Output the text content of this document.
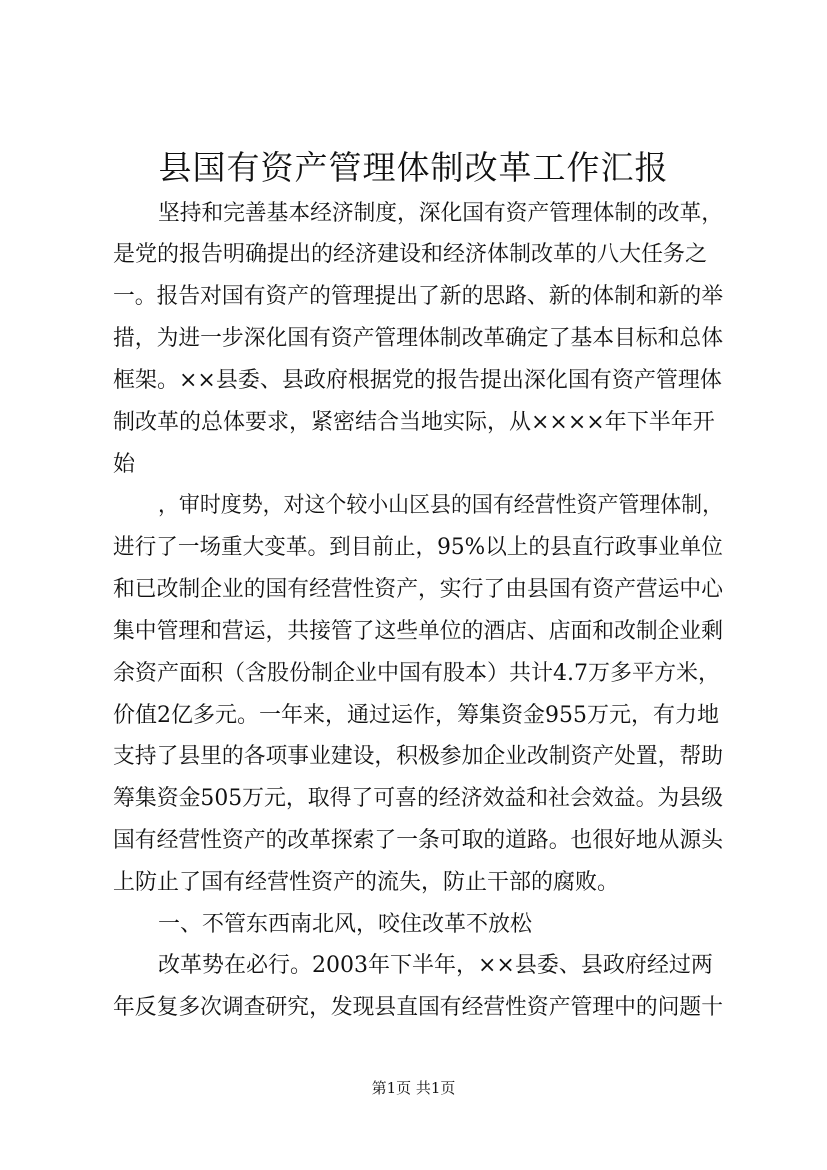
县国有资产管理体制改革工作汇报
坚持和完善基本经济制度，深化国有资产管理体制的改革，
是党的报告明确提出的经济建设和经济体制改革的八大任务之
一。报告对国有资产的管理提出了新的思路、新的体制和新的举
措，为进一步深化国有资产管理体制改革确定了基本目标和总体
框架。××县委、县政府根据党的报告提出深化国有资产管理体
制改革的总体要求，紧密结合当地实际，从××××年下半年开
始
，审时度势，对这个较小山区县的国有经营性资产管理体制，
进行了一场重大变革。到目前止，95%以上的县直行政事业单位
和已改制企业的国有经营性资产，实行了由县国有资产营运中心
集中管理和营运，共接管了这些单位的酒店、店面和改制企业剩
余资产面积（含股份制企业中国有股本）共计4.7万多平方米，
价值2亿多元。一年来，通过运作，筹集资金955万元，有力地
支持了县里的各项事业建设，积极参加企业改制资产处置，帮助
筹集资金505万元，取得了可喜的经济效益和社会效益。为县级
国有经营性资产的改革探索了一条可取的道路。也很好地从源头
上防止了国有经营性资产的流失，防止干部的腐败。
一、不管东西南北风，咬住改革不放松
改革势在必行。2003年下半年，××县委、县政府经过两
年反复多次调查研究，发现县直国有经营性资产管理中的问题十
第1页 共1页
